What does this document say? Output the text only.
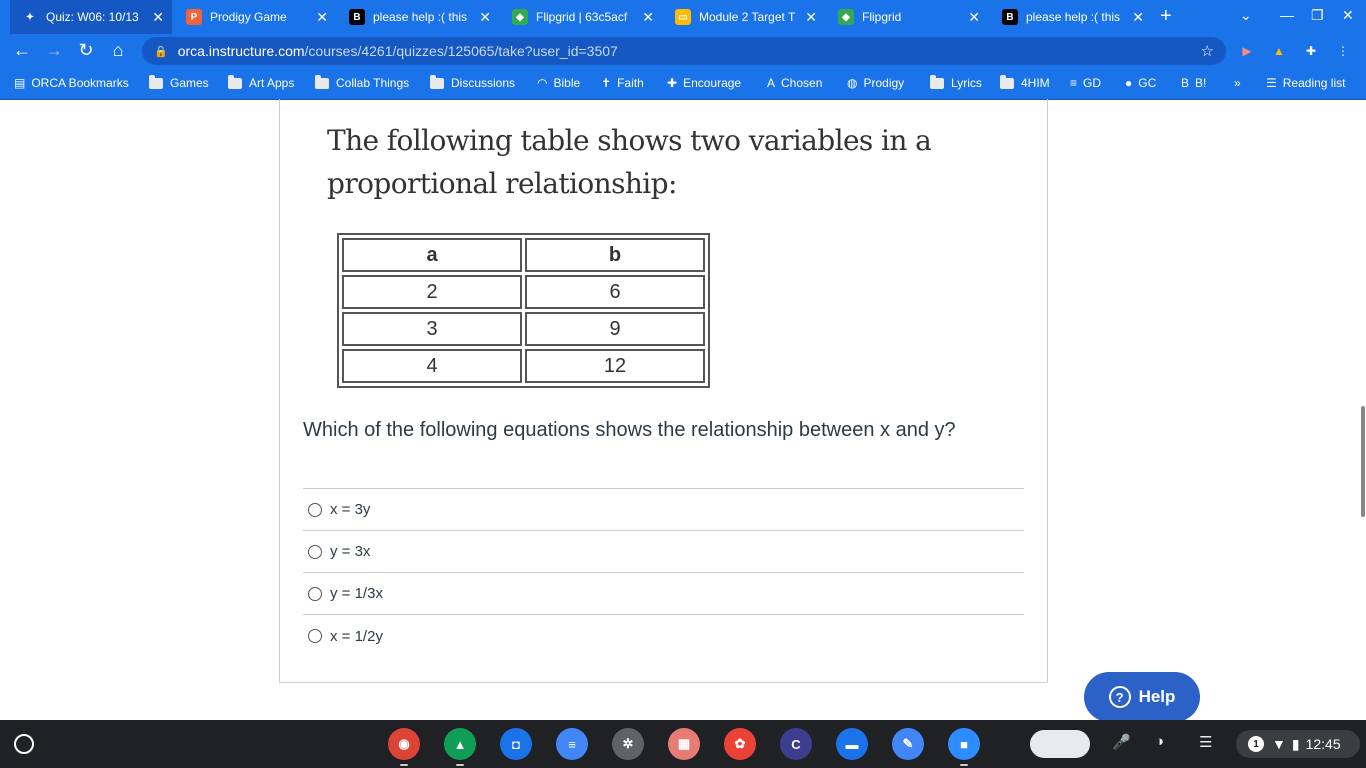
✦ Quiz: W06: 10/13 ✕	P	Prodigy Game	✕	B	please help :( this ✕	◆	Flipgrid | 63c5acf	✕	▭ Module 2 Target T ✕	◆	Flipgrid	✕	B	please help :( this ✕ +	⌄ — ❐ ✕
← → ↻	⌂	🔒 orca.instructure.com /courses/4261/quizzes/125065/take?user_id=3507	☆	▶	▲	✚	⋮
▤ ORCA Bookmarks	Games	Art Apps	Collab Things	Discussions ◠ Bible ✝ Faith ✚ Encourage A Chosen ◍ Prodigy	Lyrics	4HIM ≡ GD ● GC B B! » ☰ Reading list
The following table shows two variables in a proportional relationship:
a	b
2	6
3	9
4	12
Which of the following equations shows the relationship between x and y?
x = 3y
y = 3x
y = 1/3x
x = 1/2y
? Help
◉	▲	◘	≡	✲	▦	✿	C	▬	✎	■	🎤 ◑ ☰	1 ▼ ▮ 12:45
